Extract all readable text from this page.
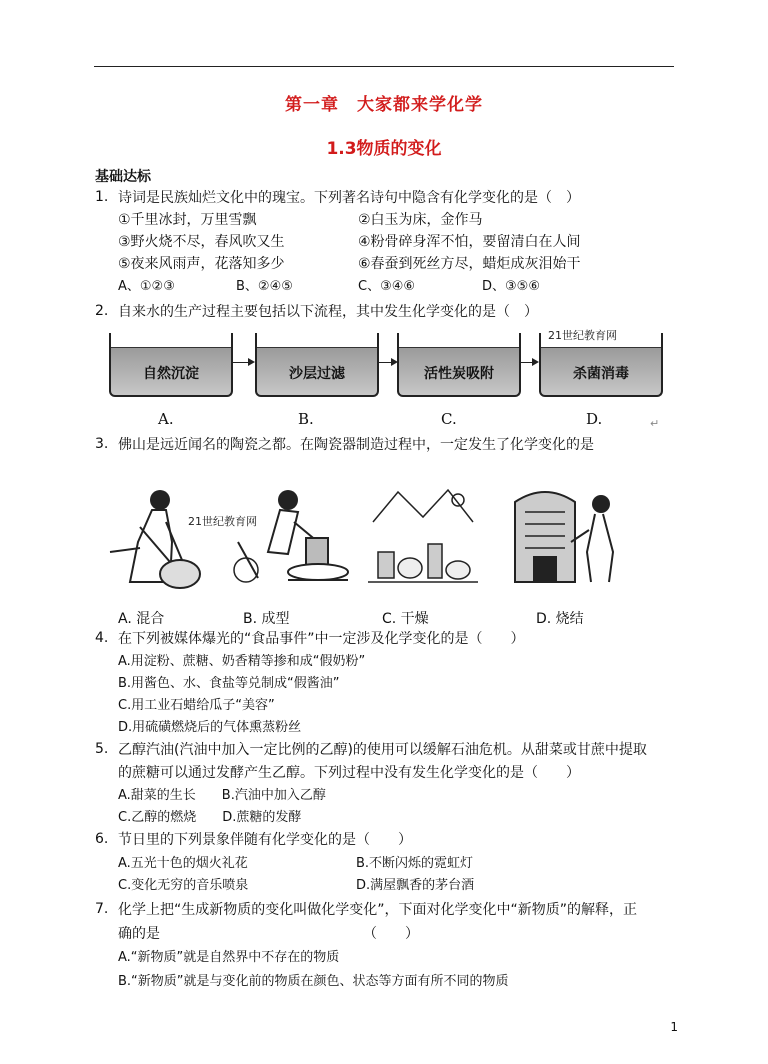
第一章　大家都来学化学
1.3物质的变化
基础达标
1. 诗词是民族灿烂文化中的瑰宝。下列著名诗句中隐含有化学变化的是（　）
①千里冰封，万里雪飘	②白玉为床，金作马
③野火烧不尽，春风吹又生	④粉骨碎身浑不怕，要留清白在人间
⑤夜来风雨声，花落知多少	⑥春蚕到死丝方尽，蜡炬成灰泪始干
A、①②③	B、②④⑤	C、③④⑥	D、③⑤⑥
2. 自来水的生产过程主要包括以下流程，其中发生化学变化的是（　）
自然沉淀	沙层过滤	活性炭吸附	杀菌消毒
21世纪教育网
A.	B.	C.	D.	↵
3. 佛山是远近闻名的陶瓷之都。在陶瓷器制造过程中，一定发生了化学变化的是
21世纪教育网
A. 混合	B. 成型	C. 干燥	D. 烧结
4. 在下列被媒体爆光的“食品事件”中一定涉及化学变化的是（　　）
A.用淀粉、蔗糖、奶香精等掺和成“假奶粉”
B.用酱色、水、食盐等兑制成“假酱油”
C.用工业石蜡给瓜子“美容”
D.用硫磺燃烧后的气体熏蒸粉丝
5. 乙醇汽油(汽油中加入一定比例的乙醇)的使用可以缓解石油危机。从甜菜或甘蔗中提取
的蔗糖可以通过发酵产生乙醇。下列过程中没有发生化学变化的是（　　）
A.甜菜的生长　　B.汽油中加入乙醇
C.乙醇的燃烧　　D.蔗糖的发酵
6. 节日里的下列景象伴随有化学变化的是（　　）
A.五光十色的烟火礼花	B.不断闪烁的霓虹灯
C.变化无穷的音乐喷泉	D.满屋飘香的茅台酒
7. 化学上把“生成新物质的变化叫做化学变化”，下面对化学变化中“新物质”的解释，正
确的是　　　　　　　　　　　　　　　（　　）
A.“新物质”就是自然界中不存在的物质
B.“新物质”就是与变化前的物质在颜色、状态等方面有所不同的物质
1
